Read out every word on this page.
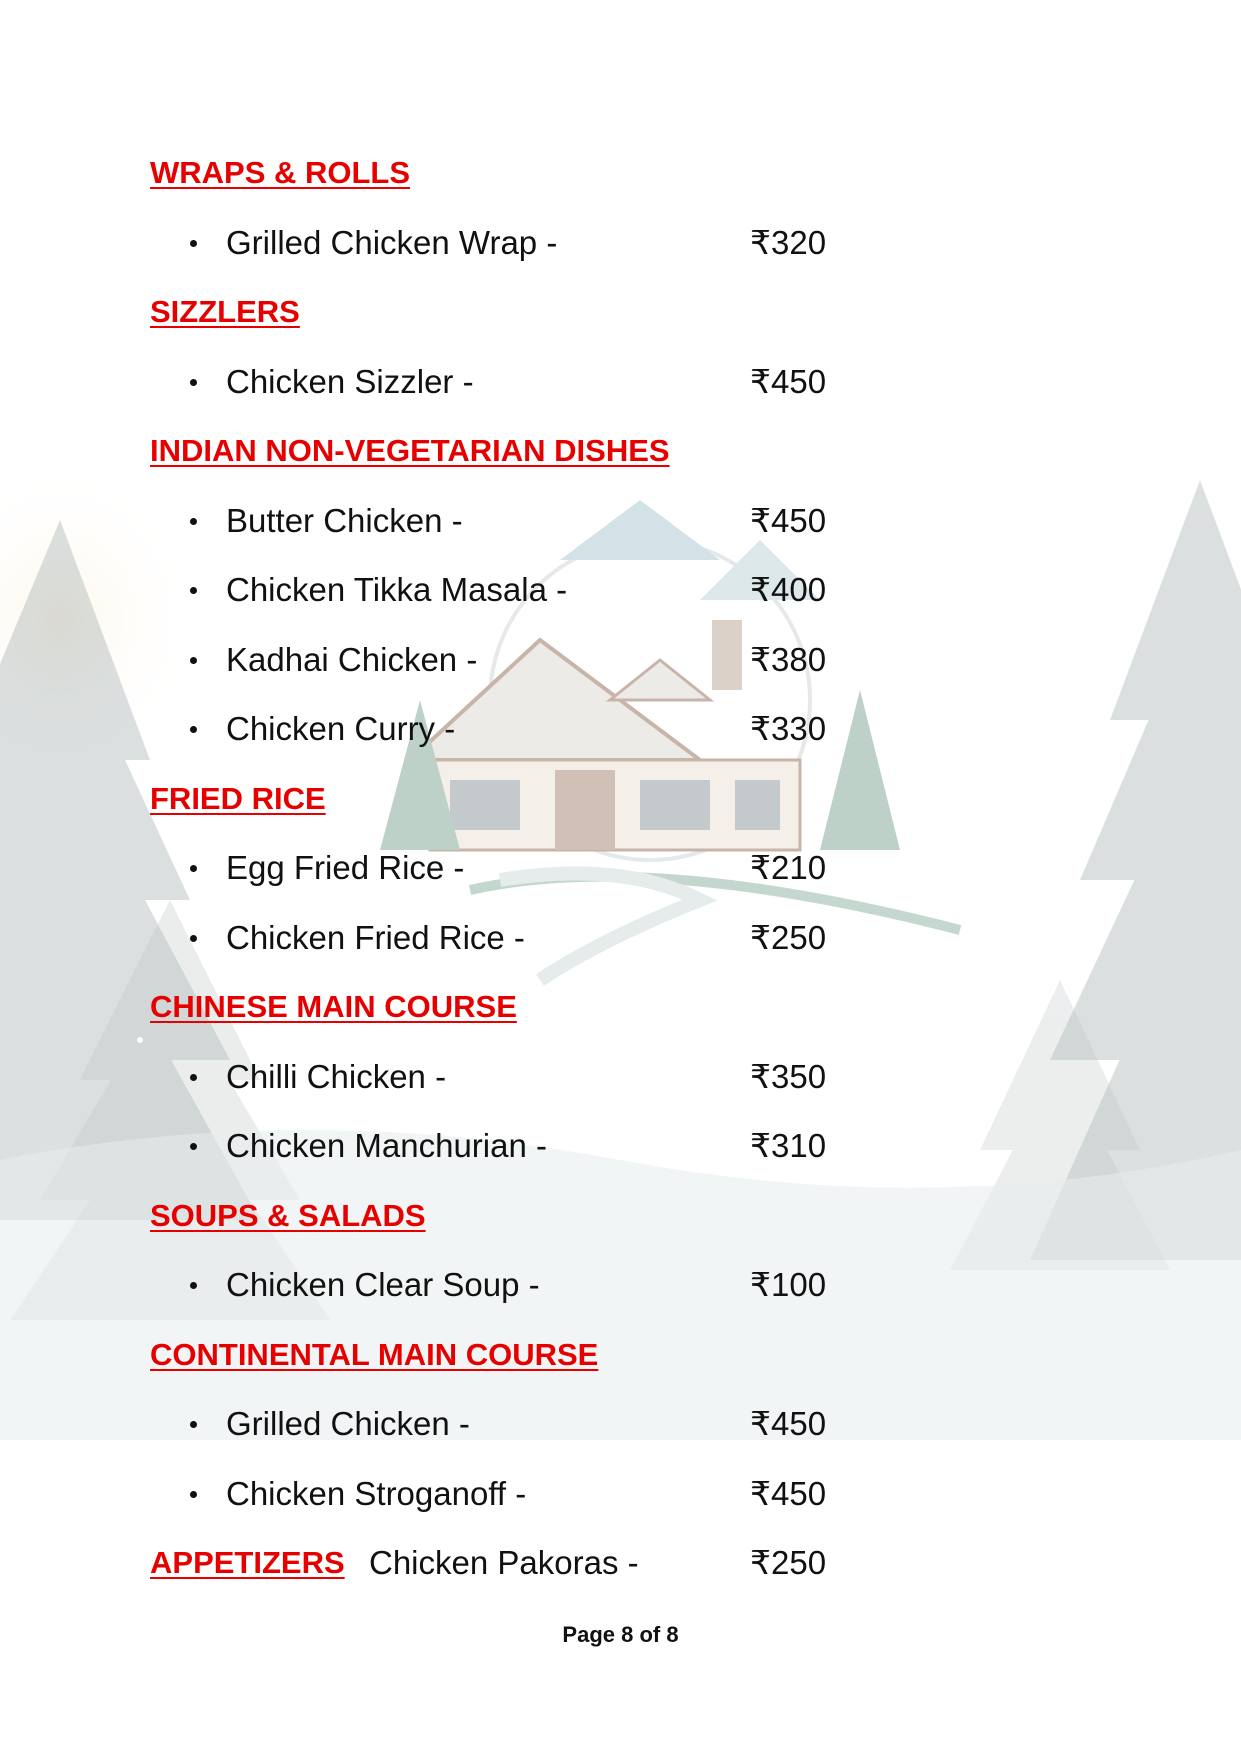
WRAPS & ROLLS
Grilled Chicken Wrap -	₹320
SIZZLERS
Chicken Sizzler -	₹450
INDIAN NON-VEGETARIAN DISHES
Butter Chicken -	₹450
Chicken Tikka Masala -	₹400
Kadhai Chicken -	₹380
Chicken Curry -	₹330
FRIED RICE
Egg Fried Rice -	₹210
Chicken Fried Rice -	₹250
CHINESE MAIN COURSE
Chilli Chicken -	₹350
Chicken Manchurian -	₹310
SOUPS & SALADS
Chicken Clear Soup -	₹100
CONTINENTAL MAIN COURSE
Grilled Chicken -	₹450
Chicken Stroganoff -	₹450
APPETIZERS Chicken Pakoras -	₹250
Page 8 of 8
